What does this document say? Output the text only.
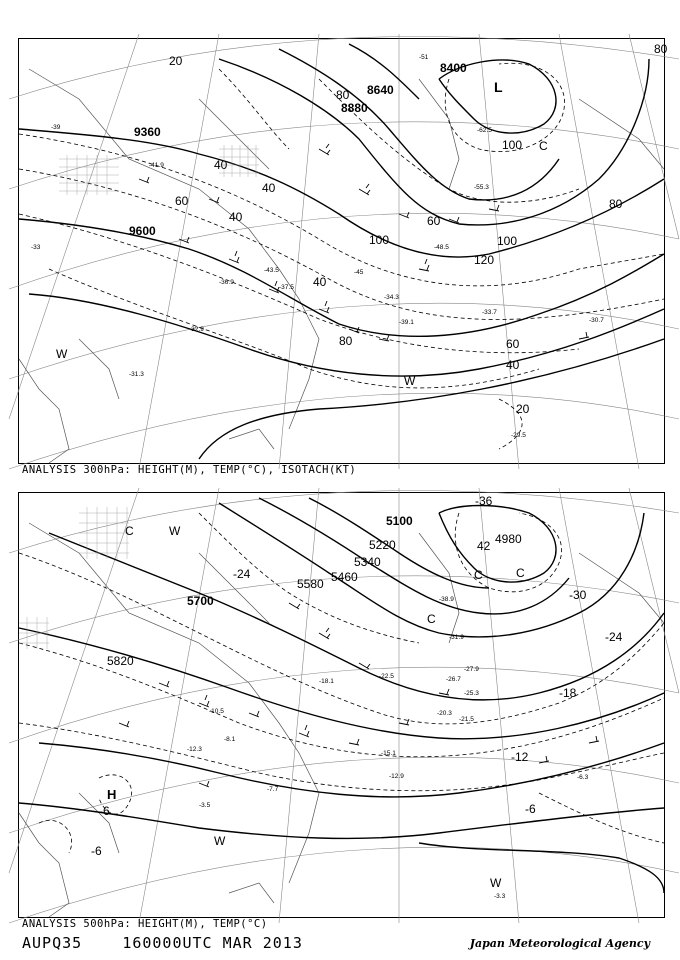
9360
9600
8880
8640
8400
20
40
40
40
40
60
60
80
80
100
100
100
120
80
20
40
60
80
L
C
W
W
-51
-45
-39
-33
-41.9
-43.5
-37.5
-36.9
-32.9
-33.7
-34.3
-39.1
-29.5
-31.3
-48.5
-55.3
-62.5
-30.7
ANALYSIS 300hPa: HEIGHT(M), TEMP(°C), ISOTACH(KT)
5700
5820
5580 5460
5340
5220
5100
4980
-24
-36
-30
-24
-18
-12
-6
-6
-6
42
H
C
C
C
C
W
W
W
-12.3
-18.1
-22.5	-26.7
-31.9
-38.9
-15.1
-12.9
-8.1
-6.3
-3.3
-3.5
-7.7
-10.5	-20.3
-21.5
-25.3
-27.9
ANALYSIS 500hPa: HEIGHT(M), TEMP(°C)
AUPQ35	160000UTC MAR 2013	Japan Meteorological Agency
